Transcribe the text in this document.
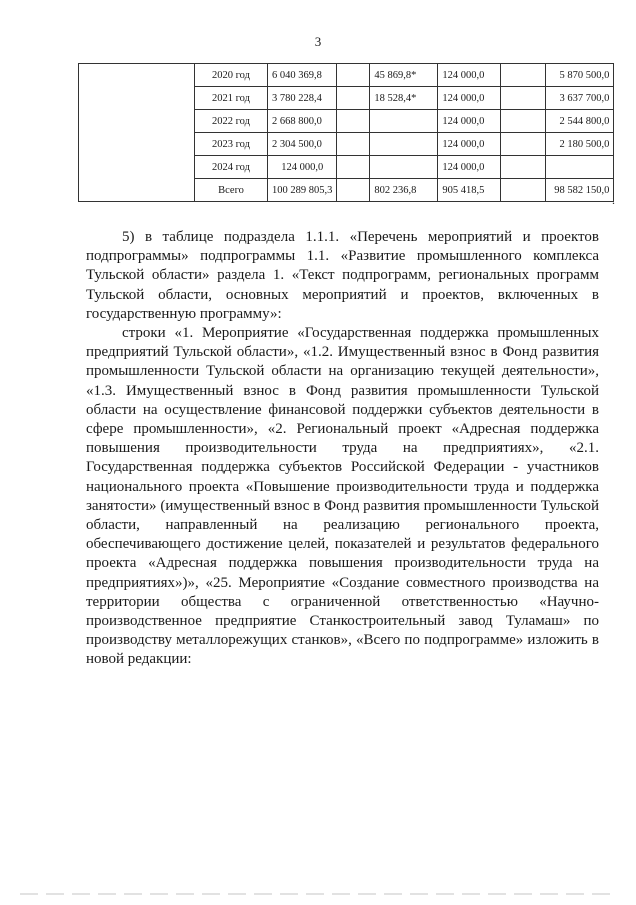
3
	2020 год	6 040 369,8		45 869,8*	124 000,0		5 870 500,0
	2021 год	3 780 228,4		18 528,4*	124 000,0		3 637 700,0
	2022 год	2 668 800,0			124 000,0		2 544 800,0
	2023 год	2 304 500,0			124 000,0		2 180 500,0
	2024 год	124 000,0			124 000,0		
	Всего	100 289 805,3		802 236,8	905 418,5		98 582 150,0
.

5) в таблице подраздела 1.1.1. «Перечень мероприятий и проектов подпрограммы» подпрограммы 1.1. «Развитие промышленного комплекса Тульской области» раздела 1. «Текст подпрограмм, региональных программ Тульской области, основных мероприятий и проектов, включенных в государственную программу»:

строки «1. Мероприятие «Государственная поддержка промышленных предприятий Тульской области», «1.2. Имущественный взнос в Фонд развития промышленности Тульской области на организацию текущей деятельности», «1.3. Имущественный взнос в Фонд развития промышленности Тульской области на осуществление финансовой поддержки субъектов деятельности в сфере промышленности», «2. Региональный проект «Адресная поддержка повышения производительности труда на предприятиях», «2.1. Государственная поддержка субъектов Российской Федерации - участников национального проекта «Повышение производительности труда и поддержка занятости» (имущественный взнос в Фонд развития промышленности Тульской области, направленный на реализацию регионального проекта, обеспечивающего достижение целей, показателей и результатов федерального проекта «Адресная поддержка повышения производительности труда на предприятиях»)», «25. Мероприятие «Создание совместного производства на территории общества с ограниченной ответственностью «Научно-производственное предприятие Станкостроительный завод Туламаш» по производству металлорежущих станков», «Всего по подпрограмме» изложить в новой редакции:
